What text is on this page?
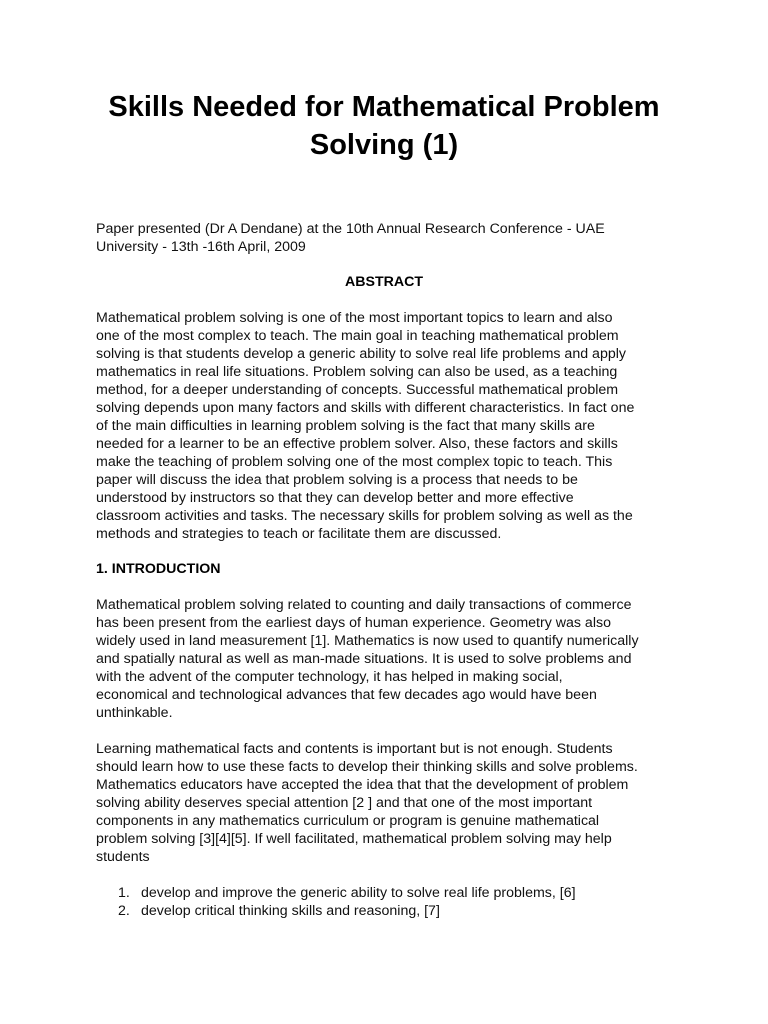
Skills Needed for Mathematical Problem
Solving (1)

Paper presented (Dr A Dendane) at the 10th Annual Research Conference - UAE
University - 13th -16th April, 2009

ABSTRACT

Mathematical problem solving is one of the most important topics to learn and also
one of the most complex to teach. The main goal in teaching mathematical problem
solving is that students develop a generic ability to solve real life problems and apply
mathematics in real life situations. Problem solving can also be used, as a teaching
method, for a deeper understanding of concepts. Successful mathematical problem
solving depends upon many factors and skills with different characteristics. In fact one
of the main difficulties in learning problem solving is the fact that many skills are
needed for a learner to be an effective problem solver. Also, these factors and skills
make the teaching of problem solving one of the most complex topic to teach. This
paper will discuss the idea that problem solving is a process that needs to be
understood by instructors so that they can develop better and more effective
classroom activities and tasks. The necessary skills for problem solving as well as the
methods and strategies to teach or facilitate them are discussed.

1. INTRODUCTION

Mathematical problem solving related to counting and daily transactions of commerce
has been present from the earliest days of human experience. Geometry was also
widely used in land measurement [1]. Mathematics is now used to quantify numerically
and spatially natural as well as man-made situations. It is used to solve problems and
with the advent of the computer technology, it has helped in making social,
economical and technological advances that few decades ago would have been
unthinkable.

Learning mathematical facts and contents is important but is not enough. Students
should learn how to use these facts to develop their thinking skills and solve problems.
Mathematics educators have accepted the idea that that the development of problem
solving ability deserves special attention [2 ] and that one of the most important
components in any mathematics curriculum or program is genuine mathematical
problem solving [3][4][5]. If well facilitated, mathematical problem solving may help
students

1. develop and improve the generic ability to solve real life problems, [6]
2. develop critical thinking skills and reasoning, [7]
